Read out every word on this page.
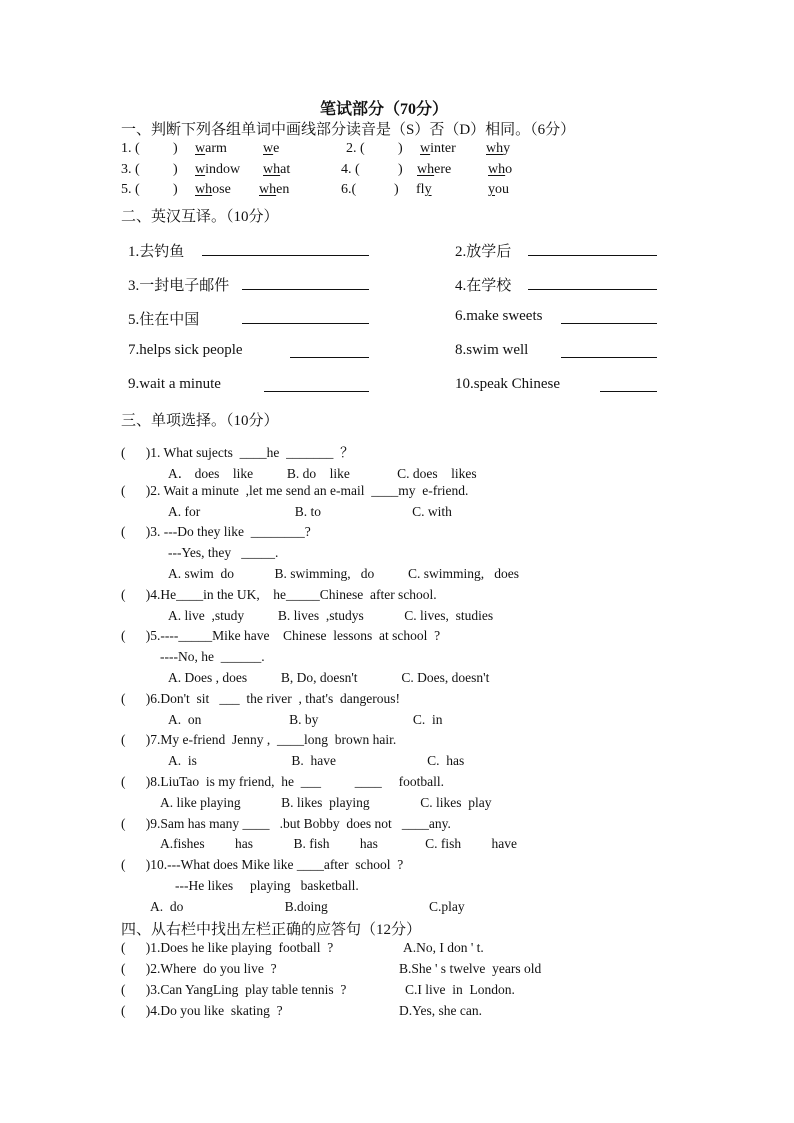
笔试部分（70分）
一、判断下列各组单词中画线部分读音是（S）否（D）相同。（6分）
1. ( ) warm	we	2. ( ) winter why
3. ( ) window what	4. (	) where	who
5. ( ) whose when	6.(	) fly	you
二、英汉互译。（10分）
1.去钓鱼	2.放学后
3.一封电子邮件	4.在学校
5.住在中国	6.make sweets
7.helps sick people	8.swim well
9.wait a minute	10.speak Chinese
三、单项选择。（10分）
(      )1. What sujects  ____he  _______  ？
A． does    like          B. do    like              C. does    likes
(      )2. Wait a minute  ,let me send an e-mail  ____my  e-friend.
A. for                            B. to                           C. with
(      )3. ---Do they like  ________?
---Yes, they   _____.
A. swim  do            B. swimming,   do          C. swimming,   does
(      )4.He____in the UK,    he_____Chinese  after school.
A. live  ,study          B. lives  ,studys            C. lives,  studies
(      )5.----_____Mike have    Chinese  lessons  at school  ?
----No, he  ______.
A. Does , does          B, Do, doesn't             C. Does, doesn't
(      )6.Don't  sit   ___  the river  , that's  dangerous!
A.  on                          B. by                            C.  in
(      )7.My e-friend  Jenny ,  ____long  brown hair.
A.  is                            B.  have                           C.  has
(      )8.LiuTao  is my friend,  he  ___          ____     football.
A. like playing            B. likes  playing               C. likes  play
(      )9.Sam has many ____   .but Bobby  does not   ____any.
A.fishes         has            B. fish         has              C. fish         have
(      )10.---What does Mike like ____after  school  ?
---He likes     playing   basketball.
A.  do                              B.doing                              C.play
四、从右栏中找出左栏正确的应答句（12分）
(      )1.Does he like playing  football  ?	A.No, I don ' t.
(      )2.Where  do you live  ?	B.She ' s twelve  years old
(      )3.Can YangLing  play table tennis  ?	C.I live  in  London.
(      )4.Do you like  skating  ?	D.Yes, she can.
